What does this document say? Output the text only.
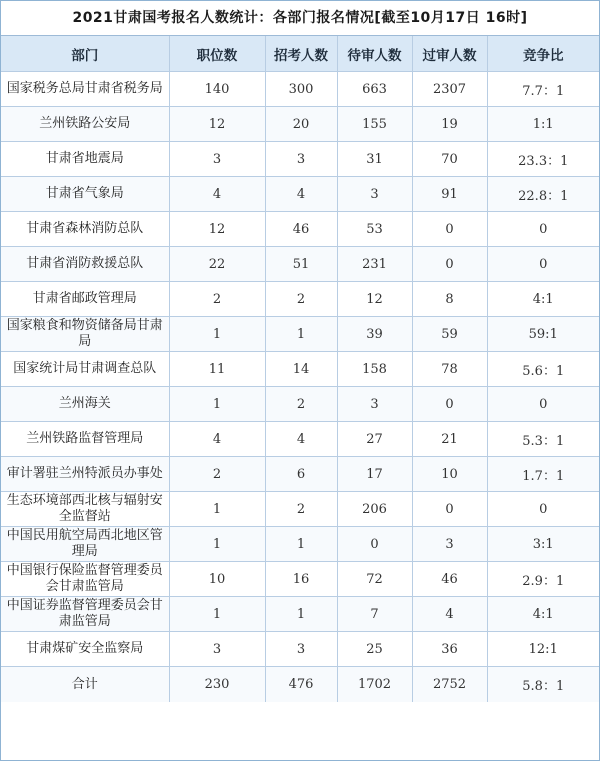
2021甘肃国考报名人数统计：各部门报名情况[截至10月17日 16时]
部门	职位数	招考人数	待审人数	过审人数	竞争比
国家税务总局甘肃省税务局	140	300	663	2307	7.7：1
兰州铁路公安局	12	20	155	19	1:1
甘肃省地震局	3	3	31	70	23.3：1
甘肃省气象局	4	4	3	91	22.8：1
甘肃省森林消防总队	12	46	53	0	0
甘肃省消防救援总队	22	51	231	0	0
甘肃省邮政管理局	2	2	12	8	4:1
国家粮食和物资储备局甘肃局	1	1	39	59	59:1
国家统计局甘肃调查总队	11	14	158	78	5.6：1
兰州海关	1	2	3	0	0
兰州铁路监督管理局	4	4	27	21	5.3：1
审计署驻兰州特派员办事处	2	6	17	10	1.7：1
生态环境部西北核与辐射安全监督站	1	2	206	0	0
中国民用航空局西北地区管理局	1	1	0	3	3:1
中国银行保险监督管理委员会甘肃监管局	10	16	72	46	2.9：1
中国证券监督管理委员会甘肃监管局	1	1	7	4	4:1
甘肃煤矿安全监察局	3	3	25	36	12:1
合计	230	476	1702	2752	5.8：1
